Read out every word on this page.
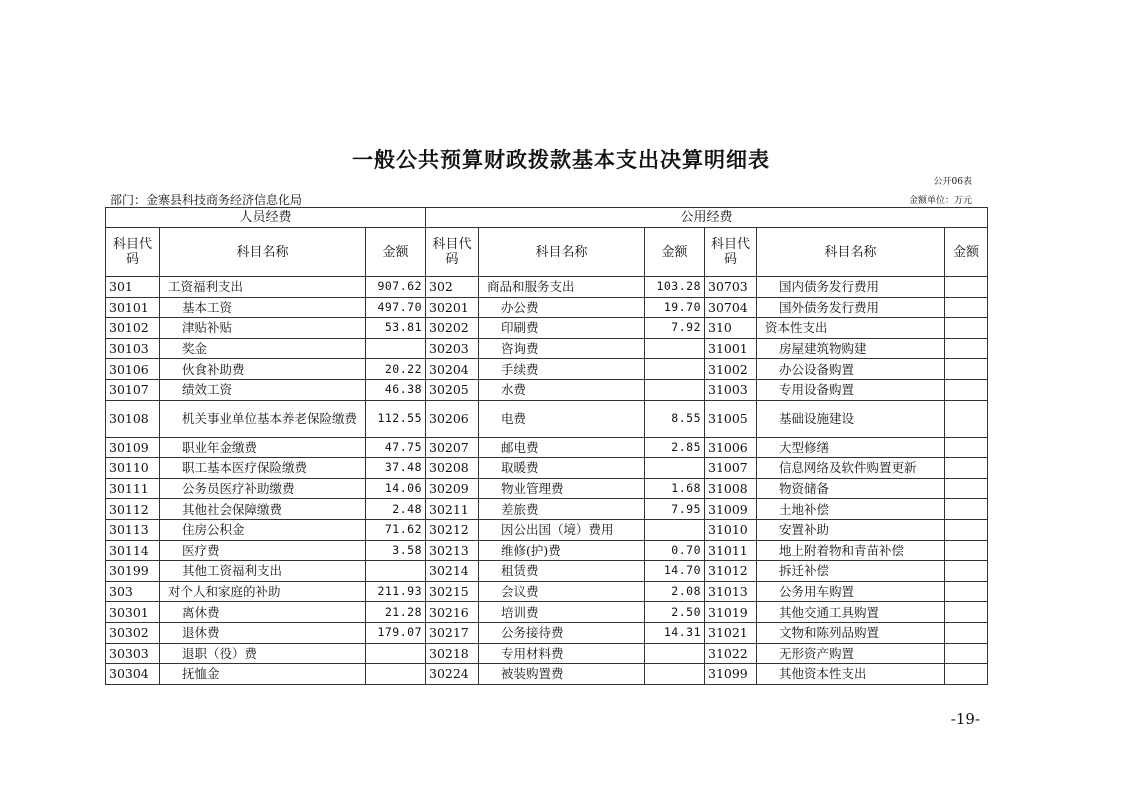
一般公共预算财政拨款基本支出决算明细表
公开06表
部门：金寨县科技商务经济信息化局	金额单位：万元
人员经费			公用经费					
科目代码	科目名称	金额	科目代码	科目名称	金额	科目代码	科目名称	金额
301	工资福利支出	907.62	302	商品和服务支出	103.28	30703	国内债务发行费用	
30101	基本工资	497.70	30201	办公费	19.70	30704	国外债务发行费用	
30102	津贴补贴	53.81	30202	印刷费	7.92	310	资本性支出	
30103	奖金		30203	咨询费		31001	房屋建筑物购建	
30106	伙食补助费	20.22	30204	手续费		31002	办公设备购置	
30107	绩效工资	46.38	30205	水费		31003	专用设备购置	
30108	机关事业单位基本养老保险缴费	112.55	30206	电费	8.55	31005	基础设施建设	
30109	职业年金缴费	47.75	30207	邮电费	2.85	31006	大型修缮	
30110	职工基本医疗保险缴费	37.48	30208	取暖费		31007	信息网络及软件购置更新	
30111	公务员医疗补助缴费	14.06	30209	物业管理费	1.68	31008	物资储备	
30112	其他社会保障缴费	2.48	30211	差旅费	7.95	31009	土地补偿	
30113	住房公积金	71.62	30212	因公出国（境）费用		31010	安置补助	
30114	医疗费	3.58	30213	维修(护)费	0.70	31011	地上附着物和青苗补偿	
30199	其他工资福利支出		30214	租赁费	14.70	31012	拆迁补偿	
303	对个人和家庭的补助	211.93	30215	会议费	2.08	31013	公务用车购置	
30301	离休费	21.28	30216	培训费	2.50	31019	其他交通工具购置	
30302	退休费	179.07	30217	公务接待费	14.31	31021	文物和陈列品购置	
30303	退职（役）费		30218	专用材料费		31022	无形资产购置	
30304	抚恤金		30224	被装购置费		31099	其他资本性支出	
-19-
